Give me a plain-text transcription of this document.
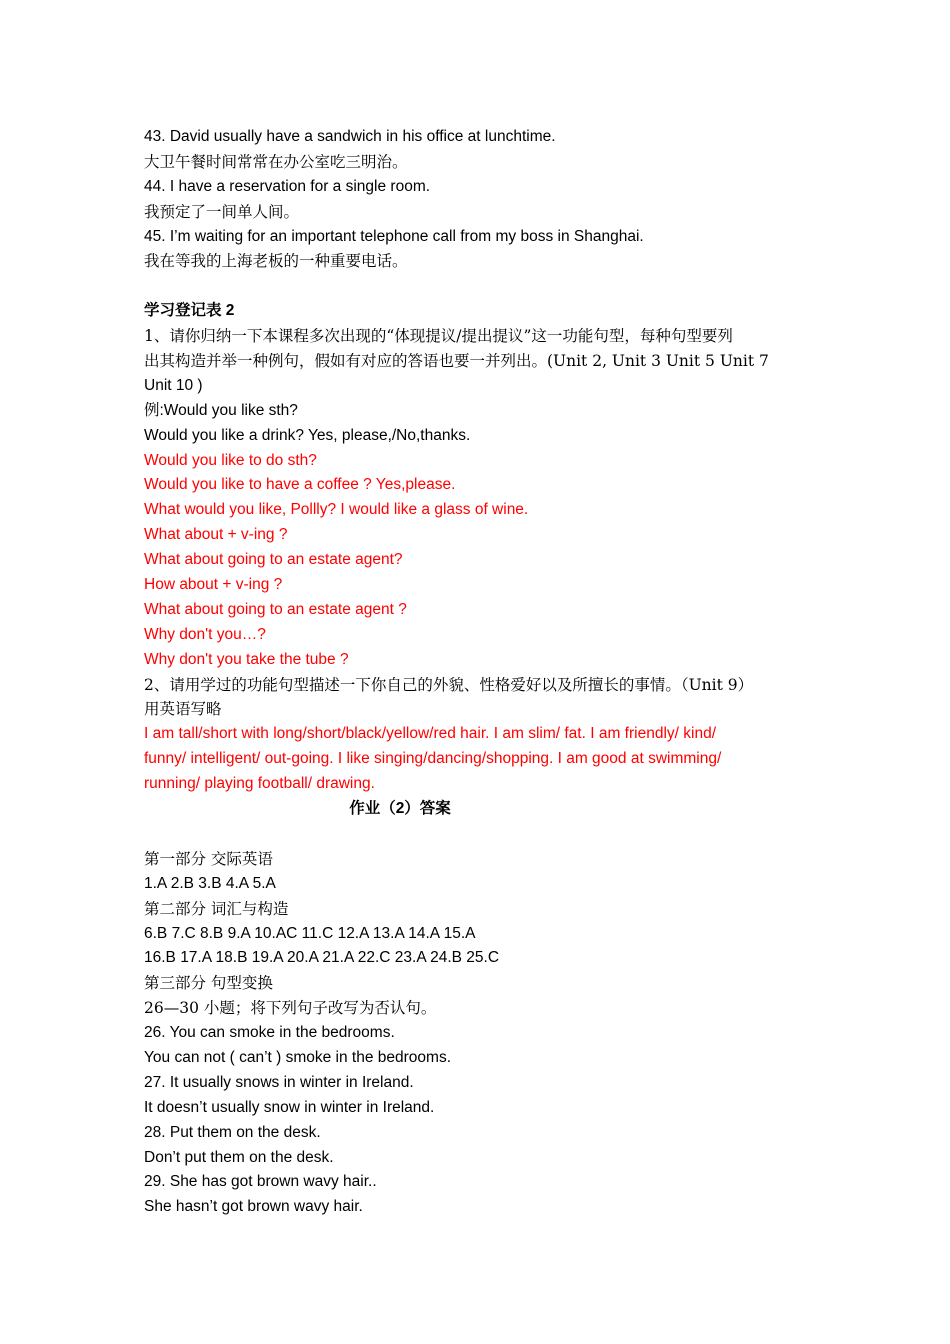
43. David usually have a sandwich in his office at lunchtime.
大卫午餐时间常常在办公室吃三明治。
44. I have a reservation for a single room.
我预定了一间单人间。
45. I’m waiting for an important telephone call from my boss in Shanghai.
我在等我的上海老板的一种重要电话。
学习登记表 2
1、请你归纳一下本课程多次出现的“体现提议/提出提议”这一功能句型，每种句型要列
出其构造并举一种例句，假如有对应的答语也要一并列出。(Unit 2, Unit 3 Unit 5 Unit 7
Unit 10 )
例:Would you like sth?
Would you like a drink? Yes, please,/No,thanks.
Would you like to do sth?
Would you like to have a coffee ? Yes,please.
What would you like, Pollly? I would like a glass of wine.
What about + v-ing ?
What about going to an estate agent?
How about + v-ing ?
What about going to an estate agent ?
Why don't you…?
Why don't you take the tube ?
2、请用学过的功能句型描述一下你自己的外貌、性格爱好以及所擅长的事情。（Unit 9）
用英语写略
I am tall/short with long/short/black/yellow/red hair. I am slim/ fat. I am friendly/ kind/
funny/ intelligent/ out-going. I like singing/dancing/shopping. I am good at swimming/
running/ playing football/ drawing.
作业（2）答案
第一部分 交际英语
1.A 2.B 3.B 4.A 5.A
第二部分 词汇与构造
6.B 7.C 8.B 9.A 10.AC 11.C 12.A 13.A 14.A 15.A
16.B 17.A 18.B 19.A 20.A 21.A 22.C 23.A 24.B 25.C
第三部分 句型变换
26—30 小题；将下列句子改写为否认句。
26. You can smoke in the bedrooms.
You can not ( can’t ) smoke in the bedrooms.
27. It usually snows in winter in Ireland.
It doesn’t usually snow in winter in Ireland.
28. Put them on the desk.
Don’t put them on the desk.
29. She has got brown wavy hair..
She hasn’t got brown wavy hair.
